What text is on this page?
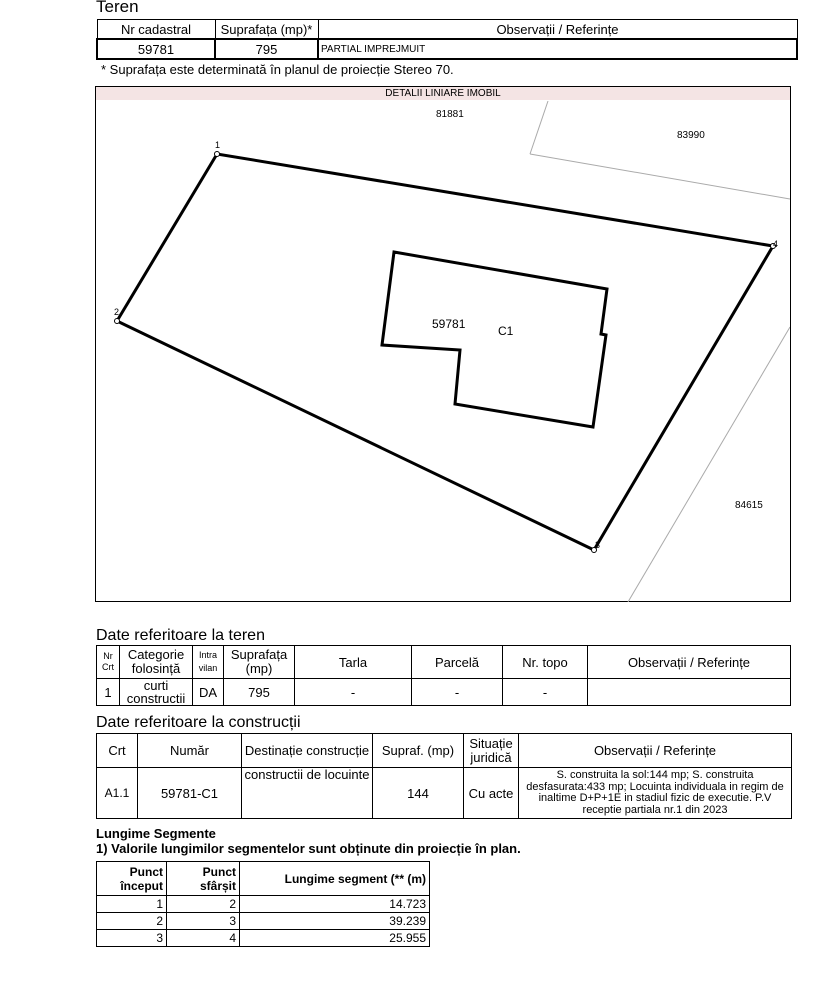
Teren
Nr cadastral	Suprafața (mp)*	Observații / Referințe
59781	795	PARTIAL IMPREJMUIT
* Suprafața este determinată în planul de proiecție Stereo 70.
DETALII LINIARE IMOBIL
81881
83990
84615
1
2
3
4
59781	C1
Date referitoare la teren
Nr Crt	Categorie folosință	Intra vilan	Suprafața (mp)	Tarla	Parcelă	Nr. topo	Observații / Referințe
1	curti constructii	DA	795	-	-	-	
Date referitoare la construcții
Crt	Număr	Destinație construcție	Supraf. (mp)	Situație juridică	Observații / Referințe
A1.1	59781-C1	constructii de locuinte	144	Cu acte	S. construita la sol:144 mp; S. construita desfasurata:433 mp; Locuinta individuala in regim de inaltime D+P+1E in stadiul fizic de executie. P.V receptie partiala nr.1 din 2023
Lungime Segmente
1) Valorile lungimilor segmentelor sunt obținute din proiecție în plan.
Punct început	Punct sfârșit	Lungime segment (** (m)
1	2	14.723
2	3	39.239
3	4	25.955
